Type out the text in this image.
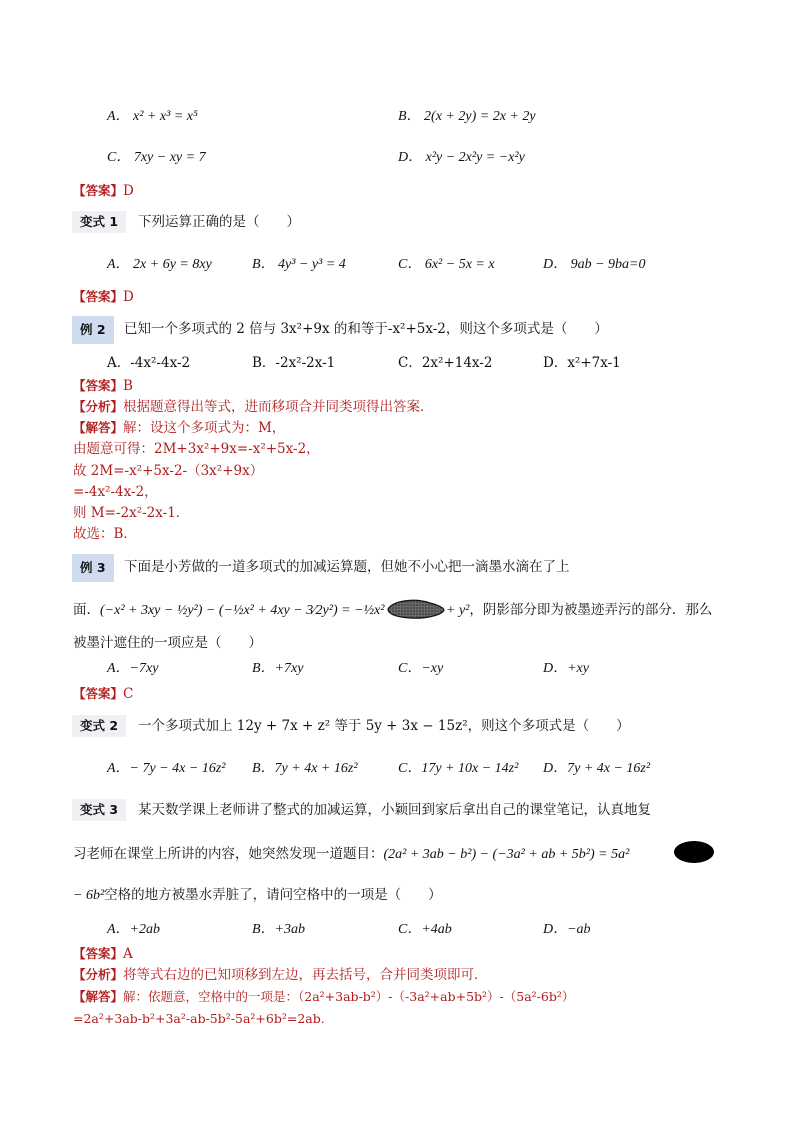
A． x² + x³ = x⁵	B． 2(x + 2y) = 2x + 2y
C． 7xy − xy = 7	D． x²y − 2x²y = −x²y
【答案】D
变式 1	下列运算正确的是（　　）
A． 2x + 6y = 8xy	B． 4y³ − y³ = 4	C． 6x² − 5x = x	D． 9ab − 9ba=0
【答案】D
例 2	已知一个多项式的 2 倍与 3x²+9x 的和等于-x²+5x-2，则这个多项式是（　　）
A．-4x²-4x-2	B．-2x²-2x-1	C．2x²+14x-2	D．x²+7x-1
【答案】B
【分析】根据题意得出等式，进而移项合并同类项得出答案．
【解答】解：设这个多项式为：M，
由题意可得：2M+3x²+9x=-x²+5x-2，
故 2M=-x²+5x-2-（3x²+9x）
=-4x²-4x-2，
则 M=-2x²-2x-1．
故选：B．
例 3	下面是小芳做的一道多项式的加减运算题，但她不小心把一滴墨水滴在了上
面．(−x² + 3xy − ½y²) − (−½x² + 4xy − 3⁄2y²) = −½x²	+ y²，阴影部分即为被墨迹弄污的部分．那么
被墨汁遮住的一项应是（　　）
A．−7xy	B．+7xy	C．−xy	D．+xy
【答案】C
变式 2	一个多项式加上 12y + 7x + z² 等于 5y + 3x − 15z²，则这个多项式是（　　）
A．− 7y − 4x − 16z² B．7y + 4x + 16z²	C．17y + 10x − 14z² D．7y + 4x − 16z²
变式 3	某天数学课上老师讲了整式的加减运算，小颖回到家后拿出自己的课堂笔记，认真地复
习老师在课堂上所讲的内容，她突然发现一道题目：(2a² + 3ab − b²) − (−3a² + ab + 5b²) = 5a²
− 6b²空格的地方被墨水弄脏了，请问空格中的一项是（　　）
A．+2ab	B．+3ab	C．+4ab	D．−ab
【答案】A
【分析】将等式右边的已知项移到左边，再去括号，合并同类项即可．
【解答】解：依题意，空格中的一项是：（2a²+3ab-b²）-（-3a²+ab+5b²）-（5a²-6b²）
=2a²+3ab-b²+3a²-ab-5b²-5a²+6b²=2ab.
